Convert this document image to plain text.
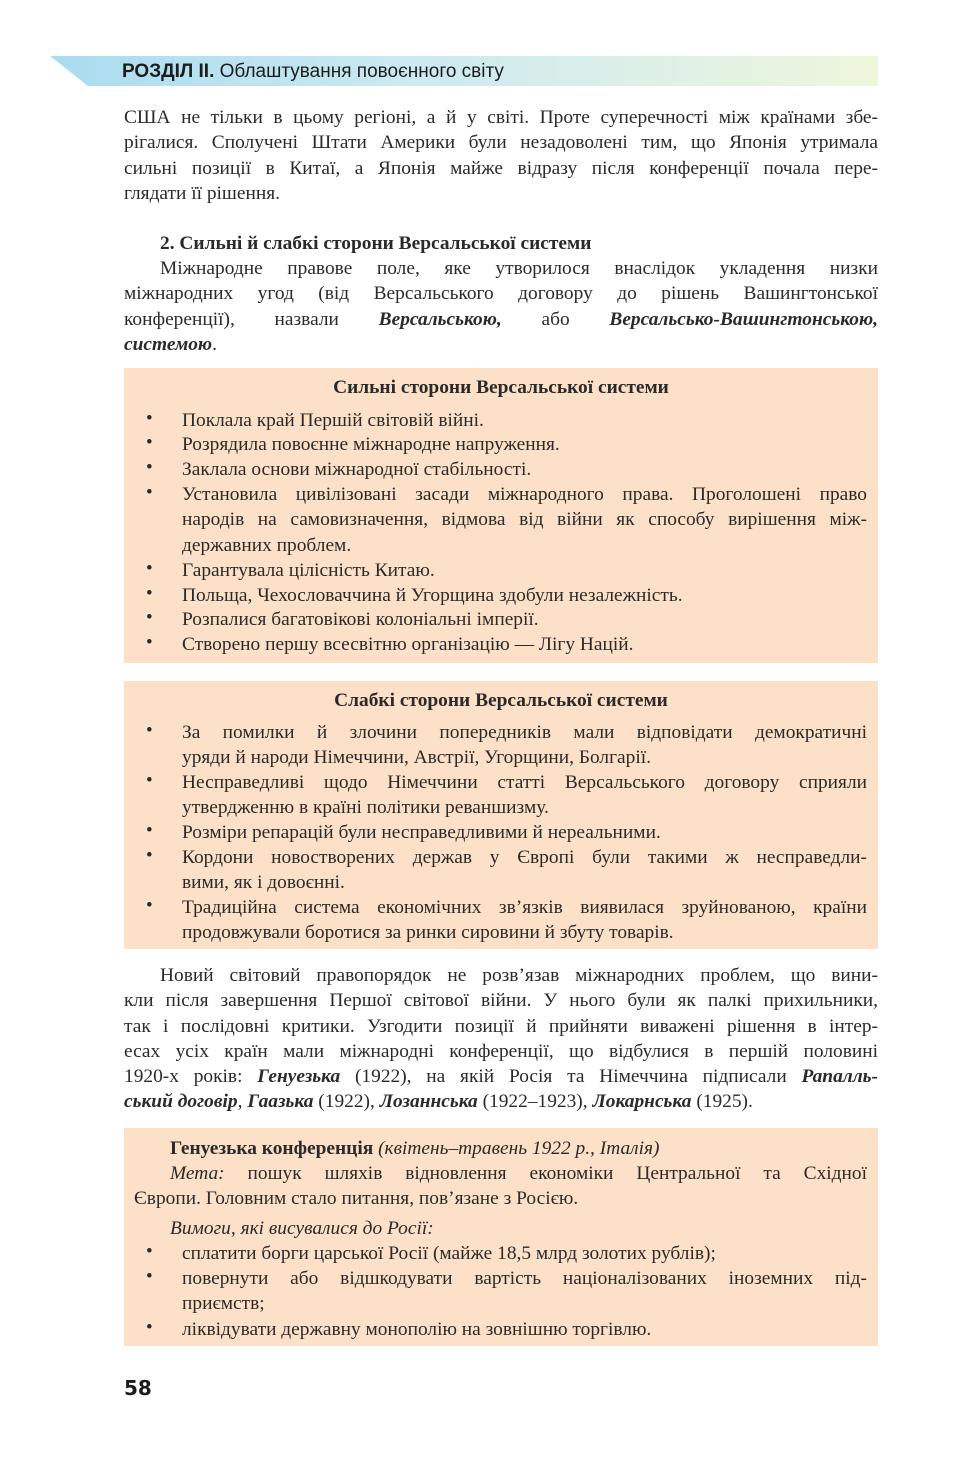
РОЗДІЛ ІІ. Облаштування повоєнного світу
США не тільки в цьому регіоні, а й у світі. Проте суперечності між країнами збе-
рігалися. Сполучені Штати Америки були незадоволені тим, що Японія утримала
сильні позиції в Китаї, а Японія майже відразу після конференції почала пере-
глядати її рішення.
2. Сильні й слабкі сторони Версальської системи
Міжнародне правове поле, яке утворилося внаслідок укладення низки
міжнародних угод (від Версальського договору до рішень Вашингтонської
конференції), назвали Версальською, або Версальсько-Вашингтонською,
системою.
Сильні сторони Версальської системи
• Поклала край Першій світовій війні.
• Розрядила повоєнне міжнародне напруження.
• Заклала основи міжнародної стабільності.
• Установила цивілізовані засади міжнародного права. Проголошені право
народів на самовизначення, відмова від війни як способу вирішення між-
державних проблем.
• Гарантувала цілісність Китаю.
• Польща, Чехословаччина й Угорщина здобули незалежність.
• Розпалися багатовікові колоніальні імперії.
• Створено першу всесвітню організацію — Лігу Націй.
Слабкі сторони Версальської системи
• За помилки й злочини попередників мали відповідати демократичні
уряди й народи Німеччини, Австрії, Угорщини, Болгарії.
• Несправедливі щодо Німеччини статті Версальського договору сприяли
утвердженню в країні політики реваншизму.
• Розміри репарацій були несправедливими й нереальними.
• Кордони новостворених держав у Європі були такими ж несправедли-
вими, як і довоєнні.
• Традиційна система економічних зв’язків виявилася зруйнованою, країни
продовжували боротися за ринки сировини й збуту товарів.
Новий світовий правопорядок не розв’язав міжнародних проблем, що вини-
кли після завершення Першої світової війни. У нього були як палкі прихильники,
так і послідовні критики. Узгодити позиції й прийняти виважені рішення в інтер-
есах усіх країн мали міжнародні конференції, що відбулися в першій половині
1920-х років: Генуезька (1922), на якій Росія та Німеччина підписали Рапалль-
ський договір, Гаазька (1922), Лозаннська (1922–1923), Локарнська (1925).
Генуезька конференція (квітень–травень 1922 р., Італія)
Мета: пошук шляхів відновлення економіки Центральної та Східної
Європи. Головним стало питання, пов’язане з Росією.
Вимоги, які висувалися до Росії:
• сплатити борги царської Росії (майже 18,5 млрд золотих рублів);
• повернути або відшкодувати вартість націоналізованих іноземних під-
приємств;
• ліквідувати державну монополію на зовнішню торгівлю.
58
